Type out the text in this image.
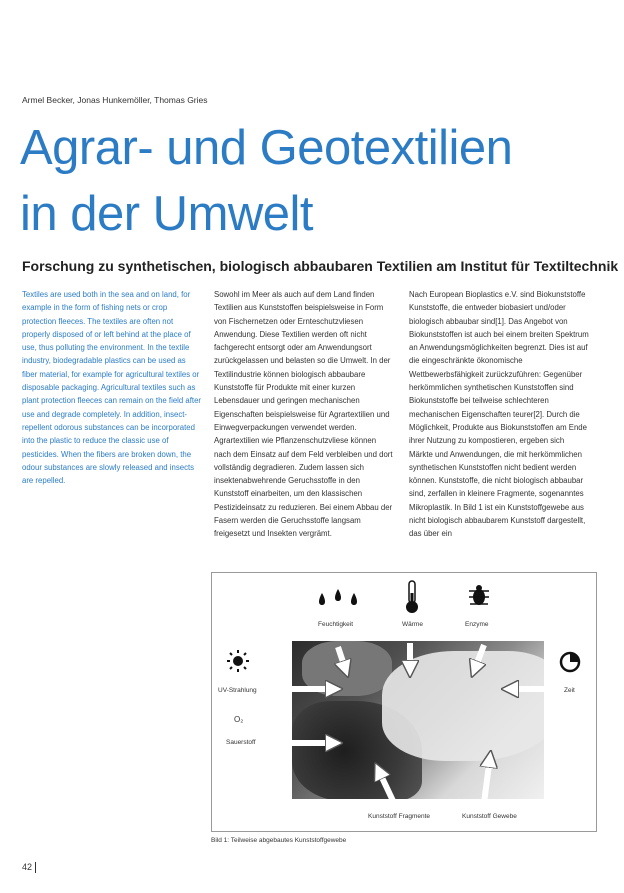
Armel Becker, Jonas Hunkemöller, Thomas Gries
Agrar- und Geotextilien
in der Umwelt
Forschung zu synthetischen, biologisch abbaubaren Textilien am Institut für Textiltechnik

Textiles are used both in the sea and on land, for example in the form of fishing nets or crop protection fleeces. The textiles are often not properly disposed of or left behind at the place of use, thus polluting the environment. In the textile industry, biodegradable plastics can be used as fiber material, for example for agricultural textiles or disposable packaging. Agricultural textiles such as plant protection fleeces can remain on the field after use and degrade completely. In addition, insect-repellent odorous substances can be incorporated into the plastic to reduce the classic use of pesticides. When the fibers are broken down, the odour substances are slowly released and insects are repelled.

Sowohl im Meer als auch auf dem Land finden Textilien aus Kunststoffen beispielsweise in Form von Fischernetzen oder Ernteschutzvliesen Anwendung. Diese Textilien werden oft nicht fachgerecht entsorgt oder am Anwendungsort zurückgelassen und belasten so die Umwelt. In der Textilindustrie können biologisch abbaubare Kunststoffe für Produkte mit einer kurzen Lebensdauer und geringen mechanischen Eigenschaften beispielsweise für Agrartextilien und Einwegverpackungen verwendet werden. Agrartextilien wie Pflanzenschutzvliese können nach dem Einsatz auf dem Feld verbleiben und dort vollständig degradieren. Zudem lassen sich insektenabwehrende Geruchsstoffe in den Kunststoff einarbeiten, um den klassischen Pestizideinsatz zu reduzieren. Bei einem Abbau der Fasern werden die Geruchsstoffe langsam freigesetzt und Insekten vergrämt.

Nach European Bioplastics e.V. sind Biokunststoffe Kunststoffe, die entweder biobasiert und/oder biologisch abbaubar sind[1]. Das Angebot von Biokunststoffen ist auch bei einem breiten Spektrum an Anwendungsmöglichkeiten begrenzt. Dies ist auf die eingeschränkte ökonomische Wettbewerbsfähigkeit zurückzuführen: Gegenüber herkömmlichen synthetischen Kunststoffen sind Biokunststoffe bei teilweise schlechteren mechanischen Eigenschaften teurer[2]. Durch die Möglichkeit, Produkte aus Biokunststoffen am Ende ihrer Nutzung zu kompostieren, ergeben sich Märkte und Anwendungen, die mit herkömmlichen synthetischen Kunststoffen nicht bedient werden können. Kunststoffe, die nicht biologisch abbaubar sind, zerfallen in kleinere Fragmente, sogenanntes Mikroplastik. In Bild 1 ist ein Kunststoffgewebe aus nicht biologisch abbaubarem Kunststoff dargestellt, das über ein

Feuchtigkeit	Wärme	Enzyme
UV-Strahlung
O₂
Sauerstoff
Zeit
Kunststoff Fragmente	Kunststoff Gewebe
Bild 1: Teilweise abgebautes Kunststoffgewebe
42
